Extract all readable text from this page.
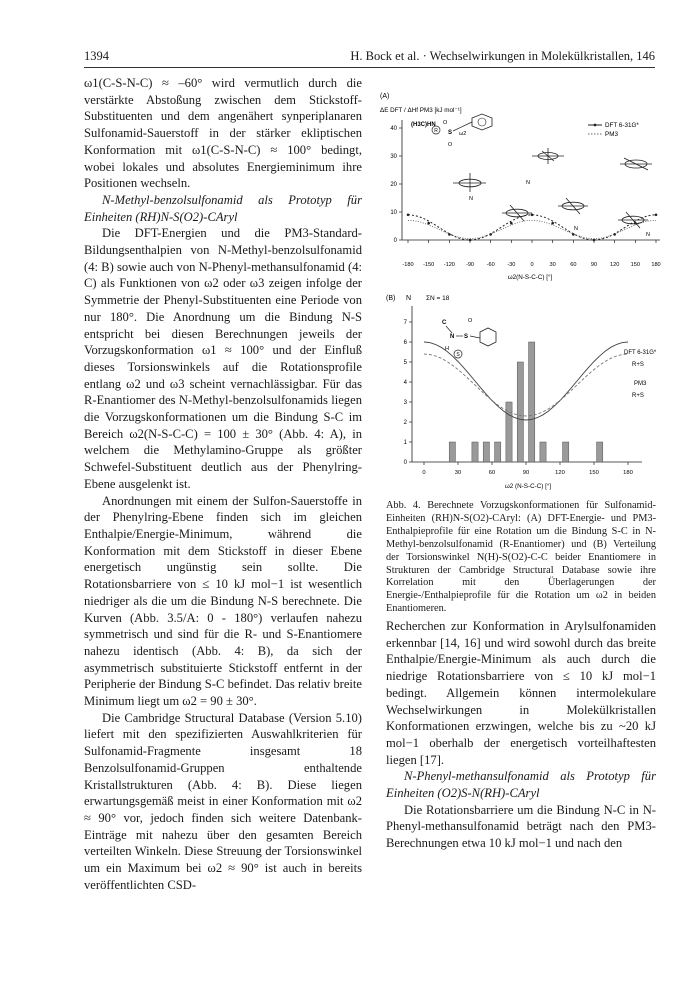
1394	H. Bock et al. · Wechselwirkungen in Molekülkristallen, 146

ω1(C-S-N-C) ≈ –60° wird vermutlich durch die verstärkte Abstoßung zwischen dem Stickstoff-Substituenten und dem angenähert synperiplanaren Sulfonamid-Sauerstoff in der stärker ekliptischen Konformation mit ω1(C-S-N-C) ≈ 100° bedingt, wobei lokales und absolutes Energieminimum ihre Positionen wechseln.

N-Methyl-benzolsulfonamid als Prototyp für Einheiten (RH)N-S(O2)-CAryl

Die DFT-Energien und die PM3-Standard-Bildungsenthalpien von N-Methyl-benzolsulfonamid (4: B) sowie auch von N-Phenyl-methansulfonamid (4: C) als Funktionen von ω2 oder ω3 zeigen infolge der Symmetrie der Phenyl-Substituenten eine Periode von nur 180°. Die Anordnung um die Bindung N-S entspricht bei diesen Berechnungen jeweils der Vorzugskonformation ω1 ≈ 100° und der Einfluß dieses Torsionswinkels auf die Rotationsprofile entlang ω2 und ω3 scheint vernachlässigbar. Für das R-Enantiomer des N-Methyl-benzolsulfonamids liegen die Vorzugskonformationen um die Bindung S-C im Bereich ω2(N-S-C-C) = 100 ± 30° (Abb. 4: A), in welchem die Methylamino-Gruppe als größter Schwefel-Substituent deutlich aus der Phenylring-Ebene ausgelenkt ist.

Anordnungen mit einem der Sulfon-Sauerstoffe in der Phenylring-Ebene finden sich im gleichen Enthalpie/Energie-Minimum, während die Konformation mit dem Stickstoff in dieser Ebene energetisch ungünstig sein sollte. Die Rotationsbarriere von ≤ 10 kJ mol−1 ist wesentlich niedriger als die um die Bindung N-S berechnete. Die Kurven (Abb. 3.5/A: 0 - 180°) verlaufen nahezu symmetrisch und sind für die R- und S-Enantiomere nahezu identisch (Abb. 4: B), da sich der asymmetrisch substituierte Stickstoff entfernt in der Peripherie der Bindung S-C befindet. Das relativ breite Minimum liegt um ω2 = 90 ± 30°.

Die Cambridge Structural Database (Version 5.10) liefert mit den spezifizierten Auswahlkriterien für Sulfonamid-Fragmente insgesamt 18 Benzolsulfonamid-Gruppen enthaltende Kristallstrukturen (Abb. 4: B). Diese liegen erwartungsgemäß meist in einer Konformation mit ω2 ≈ 90° vor, jedoch finden sich weitere Datenbank-Einträge mit nahezu über den gesamten Bereich verteilten Winkeln. Diese Streuung der Torsionswinkel um ein Maximum bei ω2 ≈ 90° ist auch in bereits veröffentlichten CSD-

(A)
ΔE DFT / ΔHf PM3 [kJ mol⁻¹]
40
30
20
10
0
-180 -150 -120 -90 -60 -30	0	30	60	90 120 150 180
ω2(N-S-C-C) [°]
DFT 6-31G*
PM3
(H3C)HN
R S
O
O
ω2
N
N
N
N
(B) N ΣN = 18
7
6
5
4
3
2
1
0
0	30	60	90	120	150	180
ω2 (N-S-C-C) [°]
C
N
H
S
O
S	DFT 6-31G*
R+S
PM3
R+S

Abb. 4. Berechnete Vorzugskonformationen für Sulfonamid-Einheiten (RH)N-S(O2)-CAryl: (A) DFT-Energie- und PM3-Enthalpieprofile für eine Rotation um die Bindung S-C in N-Methyl-benzolsulfonamid (R-Enantiomer) und (B) Verteilung der Torsionswinkel N(H)-S(O2)-C-C beider Enantiomere in Strukturen der Cambridge Structural Database sowie ihre Korrelation mit den Überlagerungen der Energie-/Enthalpieprofile für die Rotation um ω2 in beiden Enantiomeren.

Recherchen zur Konformation in Arylsulfonamiden erkennbar [14, 16] und wird sowohl durch das breite Enthalpie/Energie-Minimum als auch durch die niedrige Rotationsbarriere von ≤ 10 kJ mol−1 bedingt. Allgemein können intermolekulare Wechselwirkungen in Molekülkristallen Konformationen erzwingen, welche bis zu ~20 kJ mol−1 oberhalb der energetisch vorteilhaftesten liegen [17].

N-Phenyl-methansulfonamid als Prototyp für Einheiten (O2)S-N(RH)-CAryl

Die Rotationsbarriere um die Bindung N-C in N-Phenyl-methansulfonamid beträgt nach den PM3-Berechnungen etwa 10 kJ mol−1 und nach den
